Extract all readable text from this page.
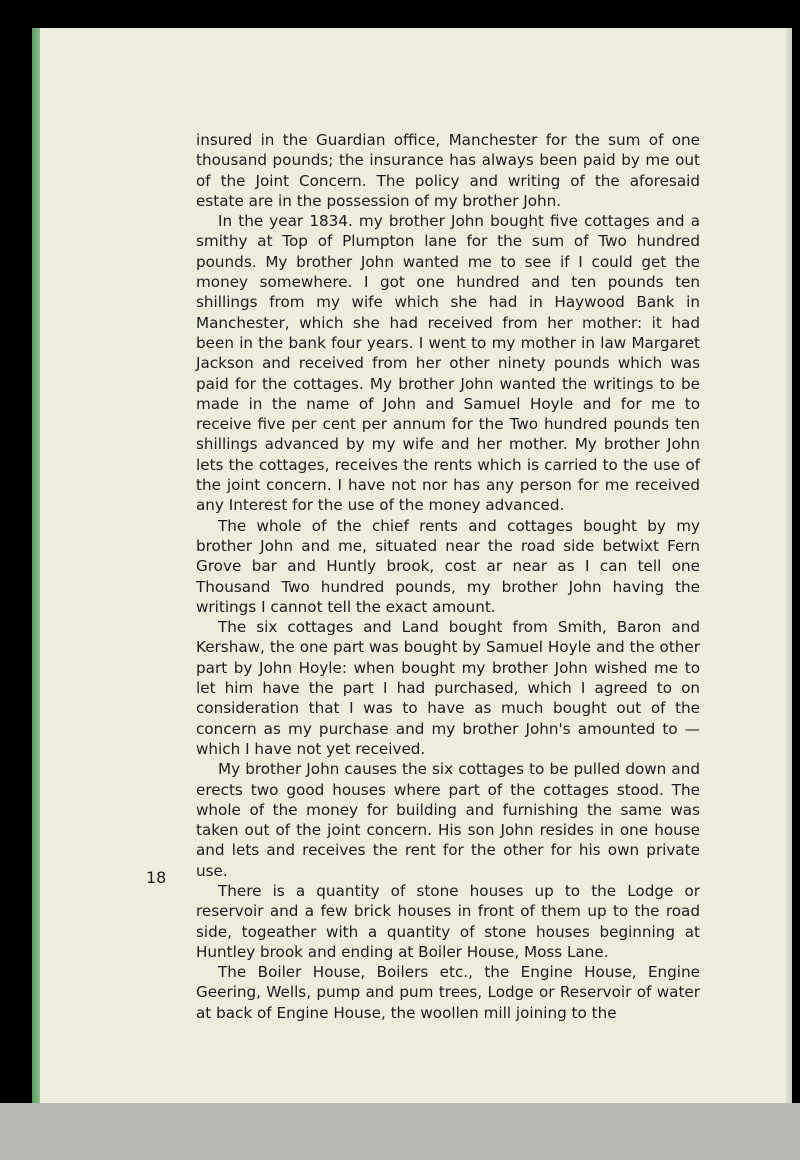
insured in the Guardian office, Manchester for the sum of one thousand pounds; the insurance has always been paid by me out of the Joint Concern. The policy and writing of the aforesaid estate are in the possession of my brother John.

In the year 1834. my brother John bought five cottages and a smithy at Top of Plumpton lane for the sum of Two hundred pounds. My brother John wanted me to see if I could get the money somewhere. I got one hundred and ten pounds ten shillings from my wife which she had in Haywood Bank in Manchester, which she had received from her mother: it had been in the bank four years. I went to my mother in law Margaret Jackson and received from her other ninety pounds which was paid for the cottages. My brother John wanted the writings to be made in the name of John and Samuel Hoyle and for me to receive five per cent per annum for the Two hundred pounds ten shillings advanced by my wife and her mother. My brother John lets the cottages, receives the rents which is carried to the use of the joint concern. I have not nor has any person for me received any Interest for the use of the money advanced.

The whole of the chief rents and cottages bought by my brother John and me, situated near the road side betwixt Fern Grove bar and Huntly brook, cost ar near as I can tell one Thousand Two hundred pounds, my brother John having the writings I cannot tell the exact amount.

The six cottages and Land bought from Smith, Baron and Kershaw, the one part was bought by Samuel Hoyle and the other part by John Hoyle: when bought my brother John wished me to let him have the part I had purchased, which I agreed to on consideration that I was to have as much bought out of the concern as my purchase and my brother John's amounted to — which I have not yet received.

My brother John causes the six cottages to be pulled down and erects two good houses where part of the cottages stood. The whole of the money for building and furnishing the same was taken out of the joint concern. His son John resides in one house and lets and receives the rent for the other for his own private use.

There is a quantity of stone houses up to the Lodge or reservoir and a few brick houses in front of them up to the road side, togeather with a quantity of stone houses beginning at Huntley brook and ending at Boiler House, Moss Lane.

The Boiler House, Boilers etc., the Engine House, Engine Geering, Wells, pump and pum trees, Lodge or Reservoir of water at back of Engine House, the woollen mill joining to the

18
